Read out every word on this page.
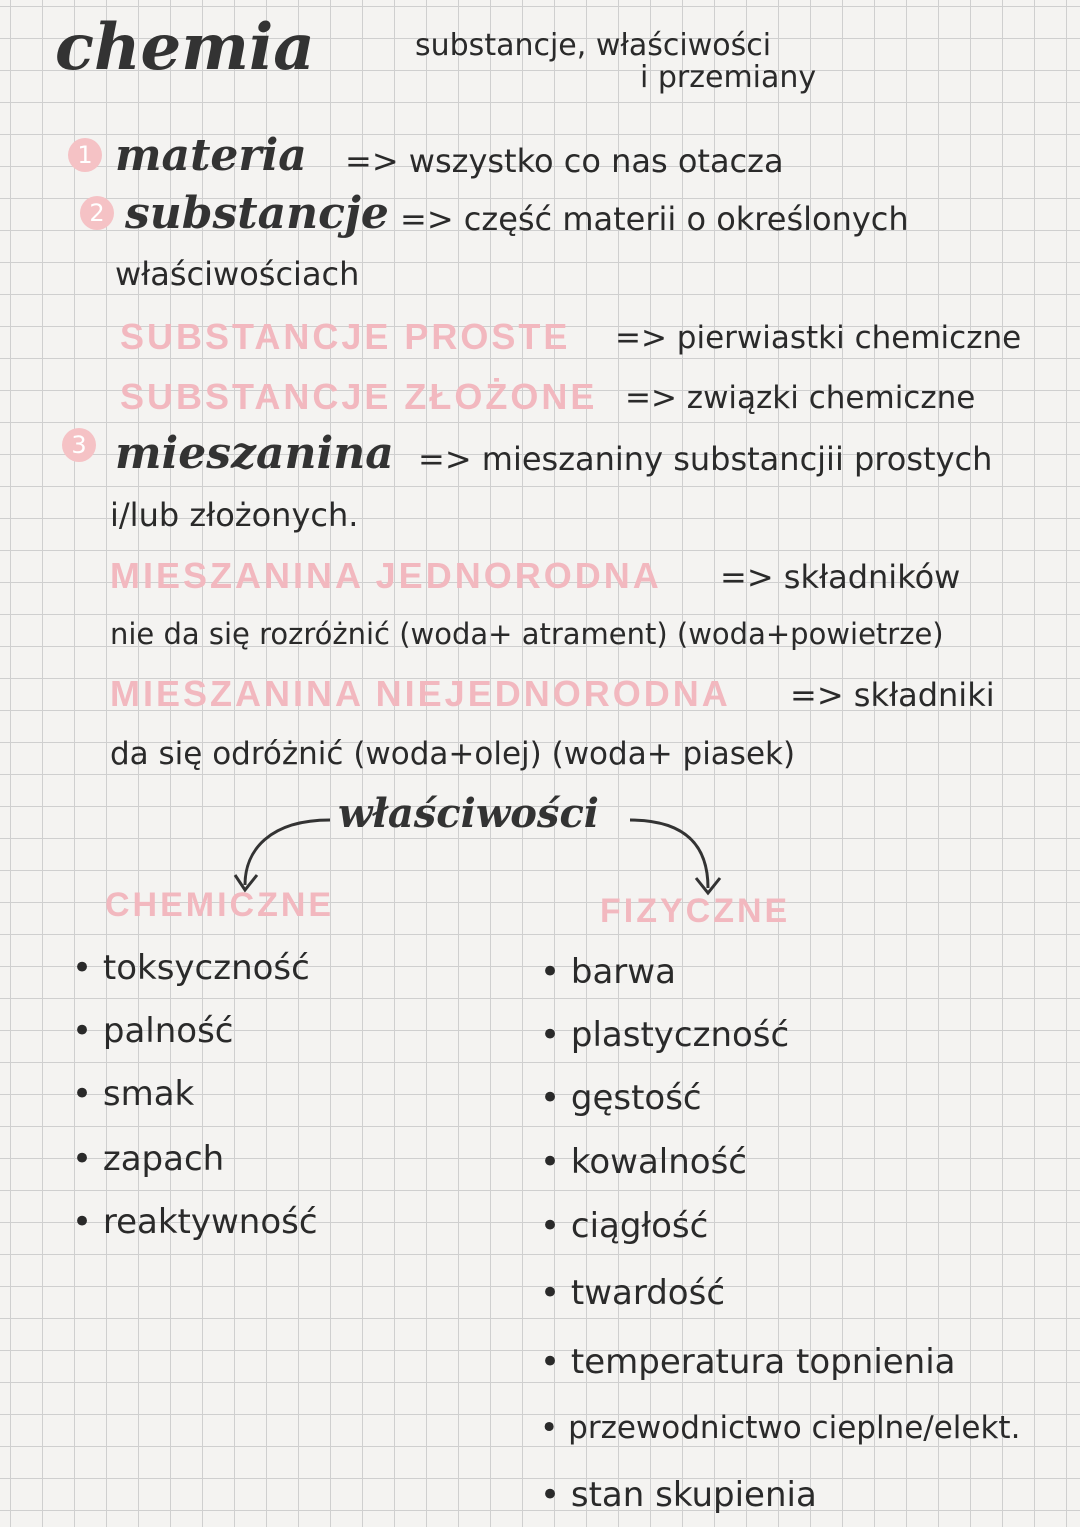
chemia	substancje, właściwości
i przemiany
1 materia => wszystko co nas otacza
2 substancje => część materii o określonych
właściwościach
SUBSTANCJE PROSTE => pierwiastki chemiczne
SUBSTANCJE ZŁOŻONE => związki chemiczne
3 mieszanina => mieszaniny substancjii prostych
i/lub złożonych.
MIESZANINA JEDNORODNA => składników
nie da się rozróżnić (woda+ atrament) (woda+powietrze)
MIESZANINA NIEJEDNORODNA => składniki
da się odróżnić (woda+olej) (woda+ piasek)
właściwości
CHEMICZNE	FIZYCZNE
• toksyczność
• palność
• smak
• zapach
• reaktywność
• barwa
• plastyczność
• gęstość
• kowalność
• ciągłość
• twardość
• temperatura topnienia
• przewodnictwo cieplne/elekt.
• stan skupienia
